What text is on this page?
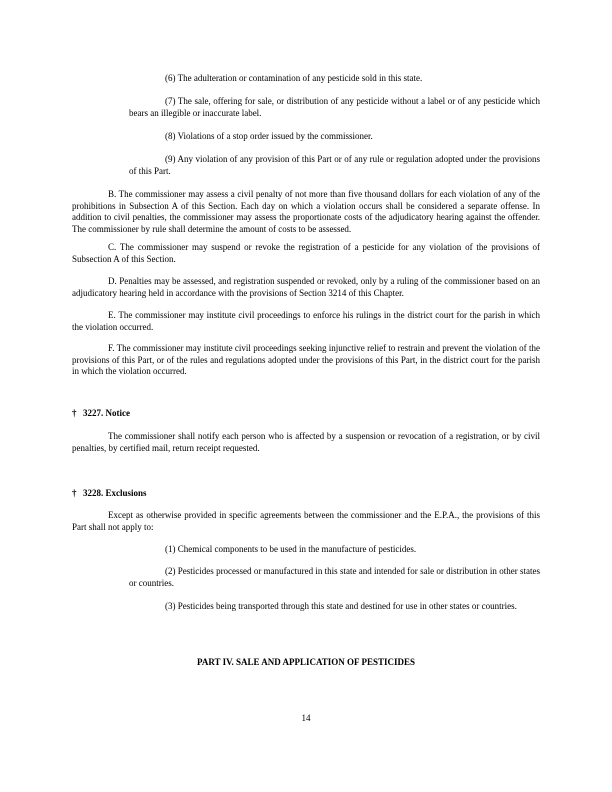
(6) The adulteration or contamination of any pesticide sold in this state.

(7) The sale, offering for sale, or distribution of any pesticide without a label or of any pesticide which bears an illegible or inaccurate label.

(8) Violations of a stop order issued by the commissioner.

(9) Any violation of any provision of this Part or of any rule or regulation adopted under the provisions of this Part.

B. The commissioner may assess a civil penalty of not more than five thousand dollars for each violation of any of the prohibitions in Subsection A of this Section. Each day on which a violation occurs shall be considered a separate offense. In addition to civil penalties, the commissioner may assess the proportionate costs of the adjudicatory hearing against the offender. The commissioner by rule shall determine the amount of costs to be assessed.

C. The commissioner may suspend or revoke the registration of a pesticide for any violation of the provisions of Subsection A of this Section.

D. Penalties may be assessed, and registration suspended or revoked, only by a ruling of the commissioner based on an adjudicatory hearing held in accordance with the provisions of Section 3214 of this Chapter.

E. The commissioner may institute civil proceedings to enforce his rulings in the district court for the parish in which the violation occurred.

F. The commissioner may institute civil proceedings seeking injunctive relief to restrain and prevent the violation of the provisions of this Part, or of the rules and regulations adopted under the provisions of this Part, in the district court for the parish in which the violation occurred.

† 3227. Notice

The commissioner shall notify each person who is affected by a suspension or revocation of a registration, or by civil penalties, by certified mail, return receipt requested.

† 3228. Exclusions

Except as otherwise provided in specific agreements between the commissioner and the E.P.A., the provisions of this Part shall not apply to:

(1) Chemical components to be used in the manufacture of pesticides.

(2) Pesticides processed or manufactured in this state and intended for sale or distribution in other states or countries.

(3) Pesticides being transported through this state and destined for use in other states or countries.

PART IV. SALE AND APPLICATION OF PESTICIDES
14
